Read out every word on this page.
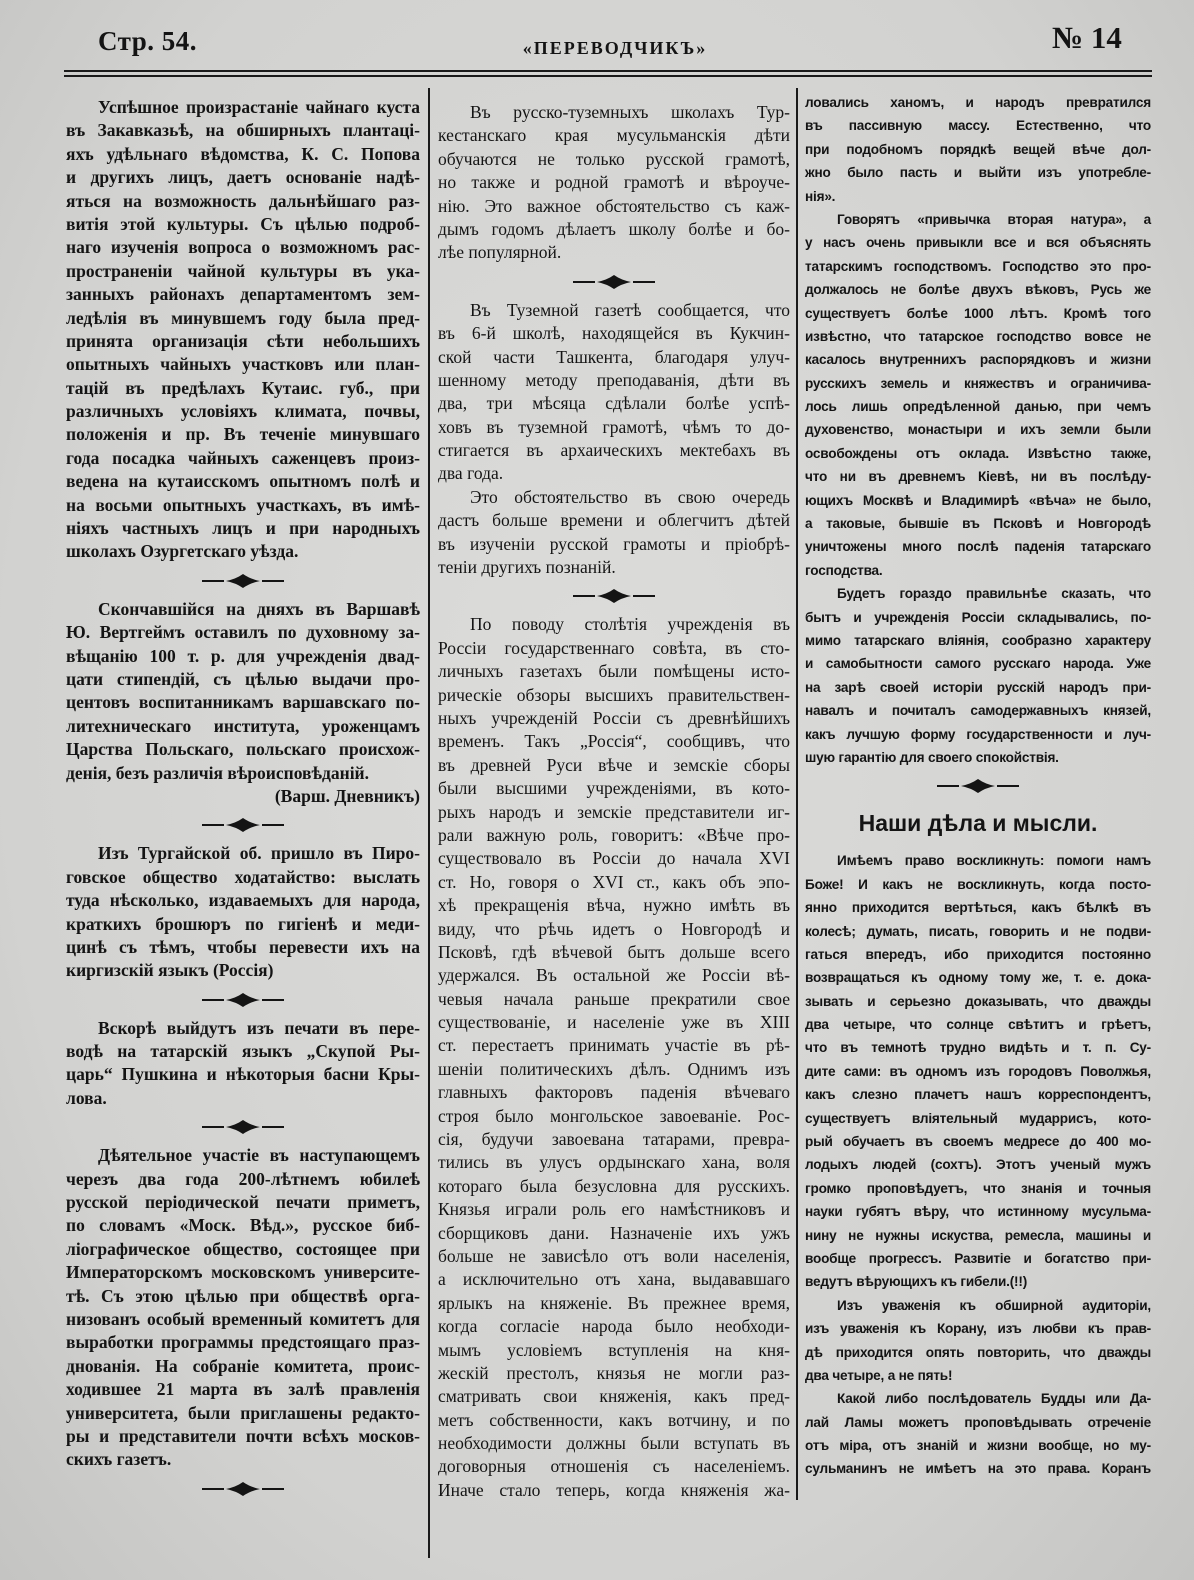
Стр. 54.	«ПЕРЕВОДЧИКЪ»	№ 14
Успѣшное произрастаніе чайнаго куста
въ Закавказьѣ, на обширныхъ плантаці-
яхъ удѣльнаго вѣдомства, К. С. Попова
и другихъ лицъ, даетъ основаніе надѣ-
яться на возможность дальнѣйшаго раз-
витія этой культуры. Съ цѣлью подроб-
наго изученія вопроса о возможномъ рас-
пространеніи чайной культуры въ ука-
занныхъ районахъ департаментомъ зем-
ледѣлія въ минувшемъ году была пред-
принята организація сѣти небольшихъ
опытныхъ чайныхъ участковъ или план-
тацій въ предѣлахъ Кутаис. губ., при
различныхъ условіяхъ климата, почвы,
положенія и пр. Въ теченіе минувшаго
года посадка чайныхъ саженцевъ произ-
ведена на кутаисскомъ опытномъ полѣ и
на восьми опытныхъ участкахъ, въ имѣ-
ніяхъ частныхъ лицъ и при народныхъ
школахъ Озургетскаго уѣзда.
Скончавшійся на дняхъ въ Варшавѣ
Ю. Вертгеймъ оставилъ по духовному за-
вѣщанію 100 т. р. для учрежденія двад-
цати стипендій, съ цѣлью выдачи про-
центовъ воспитанникамъ варшавскаго по-
литехническаго института, уроженцамъ
Царства Польскаго, польскаго происхож-
денія, безъ различія вѣроисповѣданій.
(Варш. Дневникъ)
Изъ Тургайской об. пришло въ Пиро-
говское общество ходатайство: выслать
туда нѣсколько, издаваемыхъ для народа,
краткихъ брошюръ по гигіенѣ и меди-
цинѣ съ тѣмъ, чтобы перевести ихъ на
киргизскій языкъ (Россія)
Вскорѣ выйдутъ изъ печати въ пере-
водѣ на татарскій языкъ „Скупой Ры-
царь“ Пушкина и нѣкоторыя басни Кры-
лова.
Дѣятельное участіе въ наступающемъ
черезъ два года 200-лѣтнемъ юбилеѣ
русской періодической печати приметъ,
по словамъ «Моск. Вѣд.», русское биб-
ліографическое общество, состоящее при
Императорскомъ московскомъ университе-
тѣ. Съ этою цѣлью при обществѣ орга-
низованъ особый временный комитетъ для
выработки программы предстоящаго праз-
днованія. На собраніе комитета, проис-
ходившее 21 марта въ залѣ правленія
университета, были приглашены редакто-
ры и представители почти всѣхъ москов-
скихъ газетъ.
Въ русско-туземныхъ школахъ Тур-
кестанскаго края мусульманскія дѣти
обучаются не только русской грамотѣ,
но также и родной грамотѣ и вѣроуче-
нію. Это важное обстоятельство съ каж-
дымъ годомъ дѣлаетъ школу болѣе и бо-
лѣе популярной.
Въ Туземной газетѣ сообщается, что
въ 6-й школѣ, находящейся въ Кукчин-
ской части Ташкента, благодаря улуч-
шенному методу преподаванія, дѣти въ
два, три мѣсяца сдѣлали болѣе успѣ-
ховъ въ туземной грамотѣ, чѣмъ то до-
стигается въ архаическихъ мектебахъ въ
два года.
Это обстоятельство въ свою очередь
дастъ больше времени и облегчитъ дѣтей
въ изученіи русской грамоты и пріобрѣ-
теніи другихъ познаній.
По поводу столѣтія учрежденія въ
Россіи государственнаго совѣта, въ сто-
личныхъ газетахъ были помѣщены исто-
рическіе обзоры высшихъ правительствен-
ныхъ учрежденій Россіи съ древнѣйшихъ
временъ. Такъ „Россія“, сообщивъ, что
въ древней Руси вѣче и земскіе сборы
были высшими учрежденіями, въ кото-
рыхъ народъ и земскіе представители иг-
рали важную роль, говоритъ: «Вѣче про-
существовало въ Россіи до начала XVI
ст. Но, говоря о XVI ст., какъ объ эпо-
хѣ прекращенія вѣча, нужно имѣть въ
виду, что рѣчь идетъ о Новгородѣ и
Псковѣ, гдѣ вѣчевой бытъ дольше всего
удержался. Въ остальной же Россіи вѣ-
чевыя начала раньше прекратили свое
существованіе, и населеніе уже въ XIII
ст. перестаетъ принимать участіе въ рѣ-
шеніи политическихъ дѣлъ. Однимъ изъ
главныхъ факторовъ паденія вѣчеваго
строя было монгольское завоеваніе. Рос-
сія, будучи завоевана татарами, превра-
тились въ улусъ ордынскаго хана, воля
котораго была безусловна для русскихъ.
Князья играли роль его намѣстниковъ и
сборщиковъ дани. Назначеніе ихъ ужъ
больше не зависѣло отъ воли населенія,
а исключительно отъ хана, выдававшаго
ярлыкъ на княженіе. Въ прежнее время,
когда согласіе народа было необходи-
мымъ условіемъ вступленія на кня-
жескій престолъ, князья не могли раз-
сматривать свои княженія, какъ пред-
метъ собственности, какъ вотчину, и по
необходимости должны были вступать въ
договорныя отношенія съ населеніемъ.
Иначе стало теперь, когда княженія жа-
ловались ханомъ, и народъ превратился
въ пассивную массу. Естественно, что
при подобномъ порядкѣ вещей вѣче дол-
жно было пасть и выйти изъ употребле-
нія».
Говорятъ «привычка вторая натура», а
у насъ очень привыкли все и вся объяснять
татарскимъ господствомъ. Господство это про-
должалось не болѣе двухъ вѣковъ, Русь же
существуетъ болѣе 1000 лѣтъ. Кромѣ того
извѣстно, что татарское господство вовсе не
касалось внутреннихъ распорядковъ и жизни
русскихъ земель и княжествъ и ограничива-
лось лишь опредѣленной данью, при чемъ
духовенство, монастыри и ихъ земли были
освобождены отъ оклада. Извѣстно также,
что ни въ древнемъ Кіевѣ, ни въ послѣду-
ющихъ Москвѣ и Владимирѣ «вѣча» не было,
а таковые, бывшіе въ Псковѣ и Новгородѣ
уничтожены много послѣ паденія татарскаго
господства.
Будетъ гораздо правильнѣе сказать, что
бытъ и учрежденія Россіи складывались, по-
мимо татарскаго вліянія, сообразно характеру
и самобытности самого русскаго народа. Уже
на зарѣ своей исторіи русскій народъ при-
навалъ и почиталъ самодержавныхъ князей,
какъ лучшую форму государственности и луч-
шую гарантію для своего спокойствія.
Наши дѣла и мысли.
Имѣемъ право воскликнуть: помоги намъ
Боже! И какъ не воскликнуть, когда посто-
янно приходится вертѣться, какъ бѣлкѣ въ
колесѣ; думать, писать, говорить и не подви-
гаться впередъ, ибо приходится постоянно
возвращаться къ одному тому же, т. е. дока-
зывать и серьезно доказывать, что дважды
два четыре, что солнце свѣтитъ и грѣетъ,
что въ темнотѣ трудно видѣть и т. п. Су-
дите сами: въ одномъ изъ городовъ Поволжья,
какъ слезно плачетъ нашъ корреспондентъ,
существуетъ вліятельный мударрисъ, кото-
рый обучаетъ въ своемъ медресе до 400 мо-
лодыхъ людей (сохтъ). Этотъ ученый мужъ
громко проповѣдуетъ, что знанія и точныя
науки губятъ вѣру, что истинному мусульма-
нину не нужны искуства, ремесла, машины и
вообще прогрессъ. Развитіе и богатство при-
ведутъ вѣрующихъ къ гибели.(!!)
Изъ уваженія къ обширной аудиторіи,
изъ уваженія къ Корану, изъ любви къ прав-
дѣ приходится опять повторить, что дважды
два четыре, а не пять!
Какой либо послѣдователь Будды или Да-
лай Ламы можетъ проповѣдывать отреченіе
отъ міра, отъ знаній и жизни вообще, но му-
сульманинъ не имѣетъ на это права. Коранъ
